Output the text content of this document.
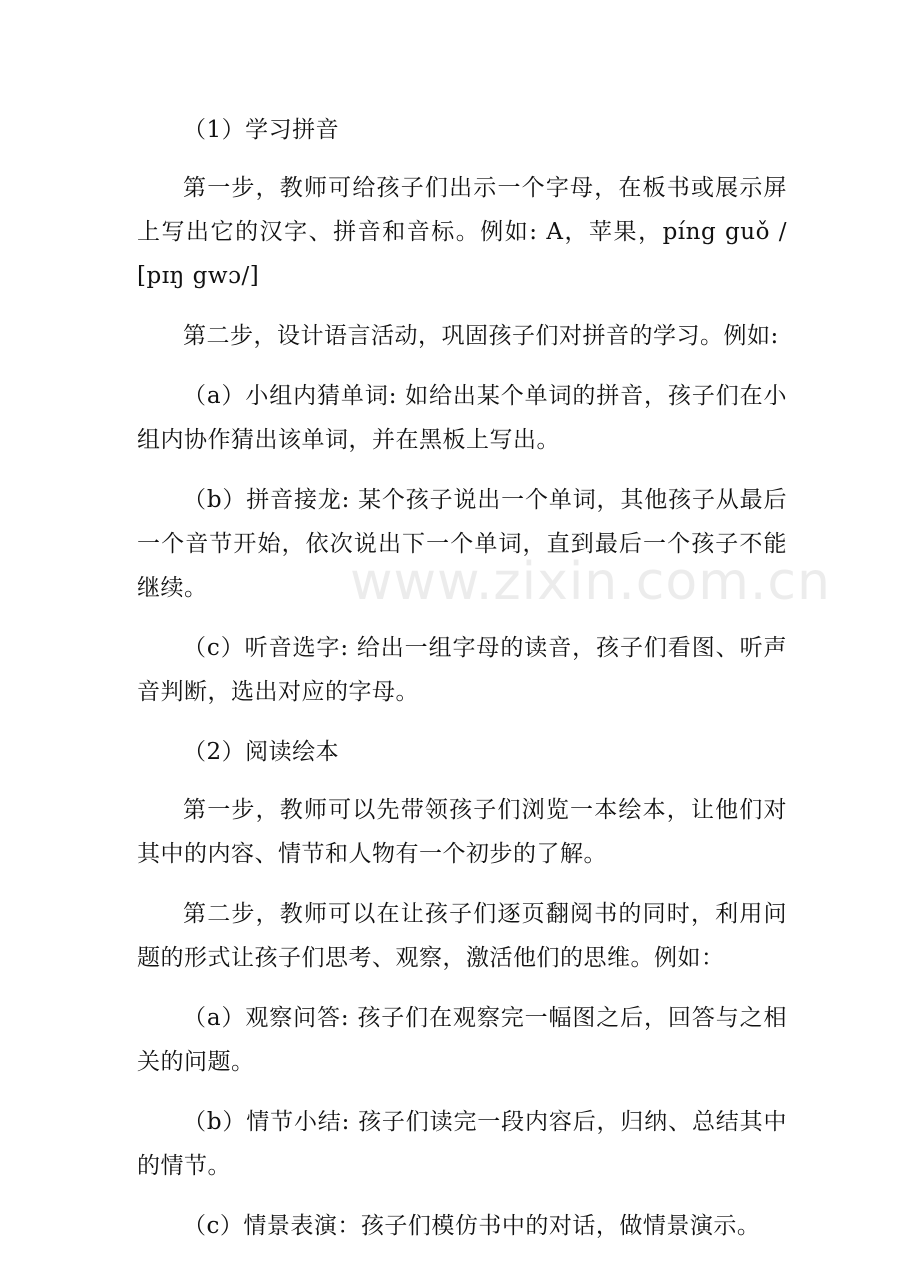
（1）学习拼音

第一步，教师可给孩子们出示一个字母，在板书或展示屏上写出它的汉字、拼音和音标。例如: A，苹果，píng guǒ / [pɪŋ gwɔ/]

第二步，设计语言活动，巩固孩子们对拼音的学习。例如:

（a）小组内猜单词: 如给出某个单词的拼音，孩子们在小组内协作猜出该单词，并在黑板上写出。

（b）拼音接龙: 某个孩子说出一个单词，其他孩子从最后一个音节开始，依次说出下一个单词，直到最后一个孩子不能继续。

（c）听音选字: 给出一组字母的读音，孩子们看图、听声音判断，选出对应的字母。

（2）阅读绘本

第一步，教师可以先带领孩子们浏览一本绘本，让他们对其中的内容、情节和人物有一个初步的了解。

第二步，教师可以在让孩子们逐页翻阅书的同时，利用问题的形式让孩子们思考、观察，激活他们的思维。例如：

（a）观察问答: 孩子们在观察完一幅图之后，回答与之相关的问题。

（b）情节小结: 孩子们读完一段内容后，归纳、总结其中的情节。

（c）情景表演：孩子们模仿书中的对话，做情景演示。

www.zixin.com.cn
